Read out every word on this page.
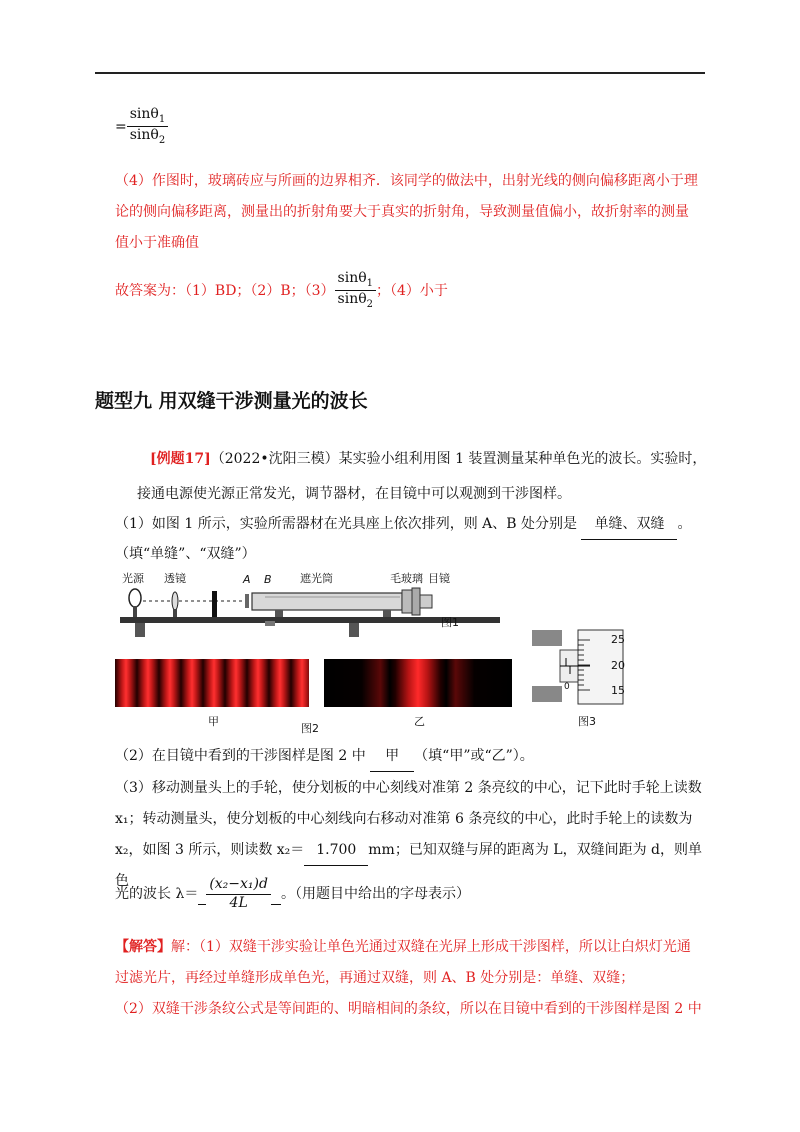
= $\frac{\sin\theta_1}{\sin\theta_2}$
（4）作图时，玻璃砖应与所画的边界相齐．该同学的做法中，出射光线的侧向偏移距离小于理
论的侧向偏移距离，测量出的折射角要大于真实的折射角，导致测量值偏小，故折射率的测量
值小于准确值
故答案为：（1）BD；（2）B；$(3) \frac{\sin\theta_1}{\sin\theta_2}$ ；（4）小于
题型九 用双缝干涉测量光的波长
[例题17]（2022•沈阳三模）某实验小组利用图 1 装置测量某种单色光的波长。实验时，
接通电源使光源正常发光，调节器材，在目镜中可以观测到干涉图样。
（1）如图 1 所示，实验所需器材在光具座上依次排列，则 A、B 处分别是 单缝、双缝 。
（填“单缝”、“双缝”）
光源 透镜	A B	遮光筒	毛玻璃 目镜
图1
甲
图2
乙
25
20
15
0
图3
（2）在目镜中看到的干涉图样是图 2 中 甲 （填“甲”或“乙”）。
（3）移动测量头上的手轮，使分划板的中心刻线对准第 2 条亮纹的中心，记下此时手轮上读数
x₁；转动测量头，使分划板的中心刻线向右移动对准第 6 条亮纹的中心，此时手轮上的读数为
x₂，如图 3 所示，则读数 x₂＝ 1.700 mm；已知双缝与屏的距离为 L，双缝间距为 d，则单色
光的波长 $\lambda= \frac{\text{(x₂−x₁)d}}{4L}$ 。（用题目中给出的字母表示）
【解答】解：（1）双缝干涉实验让单色光通过双缝在光屏上形成干涉图样，所以让白炽灯光通
过滤光片，再经过单缝形成单色光，再通过双缝，则 A、B 处分别是：单缝、双缝；
（2）双缝干涉条纹公式是等间距的、明暗相间的条纹，所以在目镜中看到的干涉图样是图 2 中
